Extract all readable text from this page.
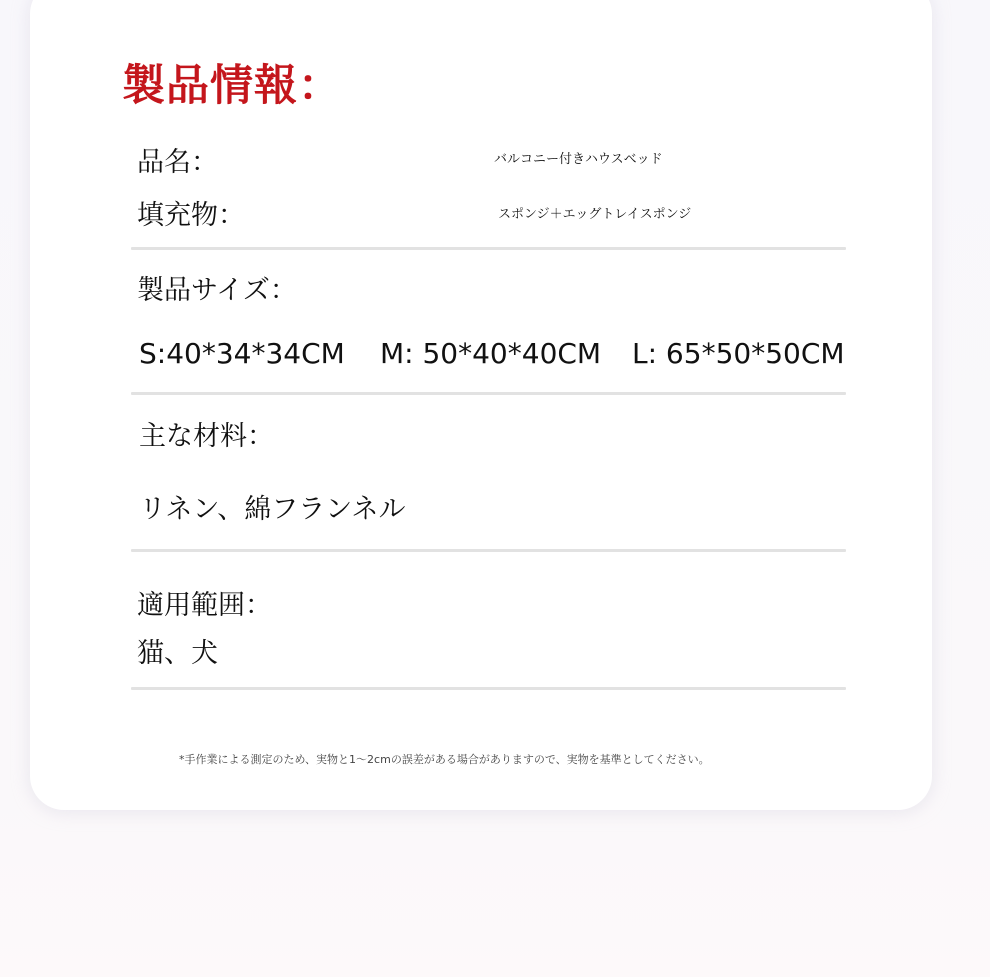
製品情報：
品名：	バルコニー付きハウスベッド
填充物：	スポンジ＋エッグトレイスポンジ
製品サイズ：
S:40*34*34CM M: 50*40*40CM L: 65*50*50CM
主な材料：
リネン、綿フランネル
適用範囲：
猫、犬
*手作業による測定のため、実物と1〜2cmの誤差がある場合がありますので、実物を基準としてください。
